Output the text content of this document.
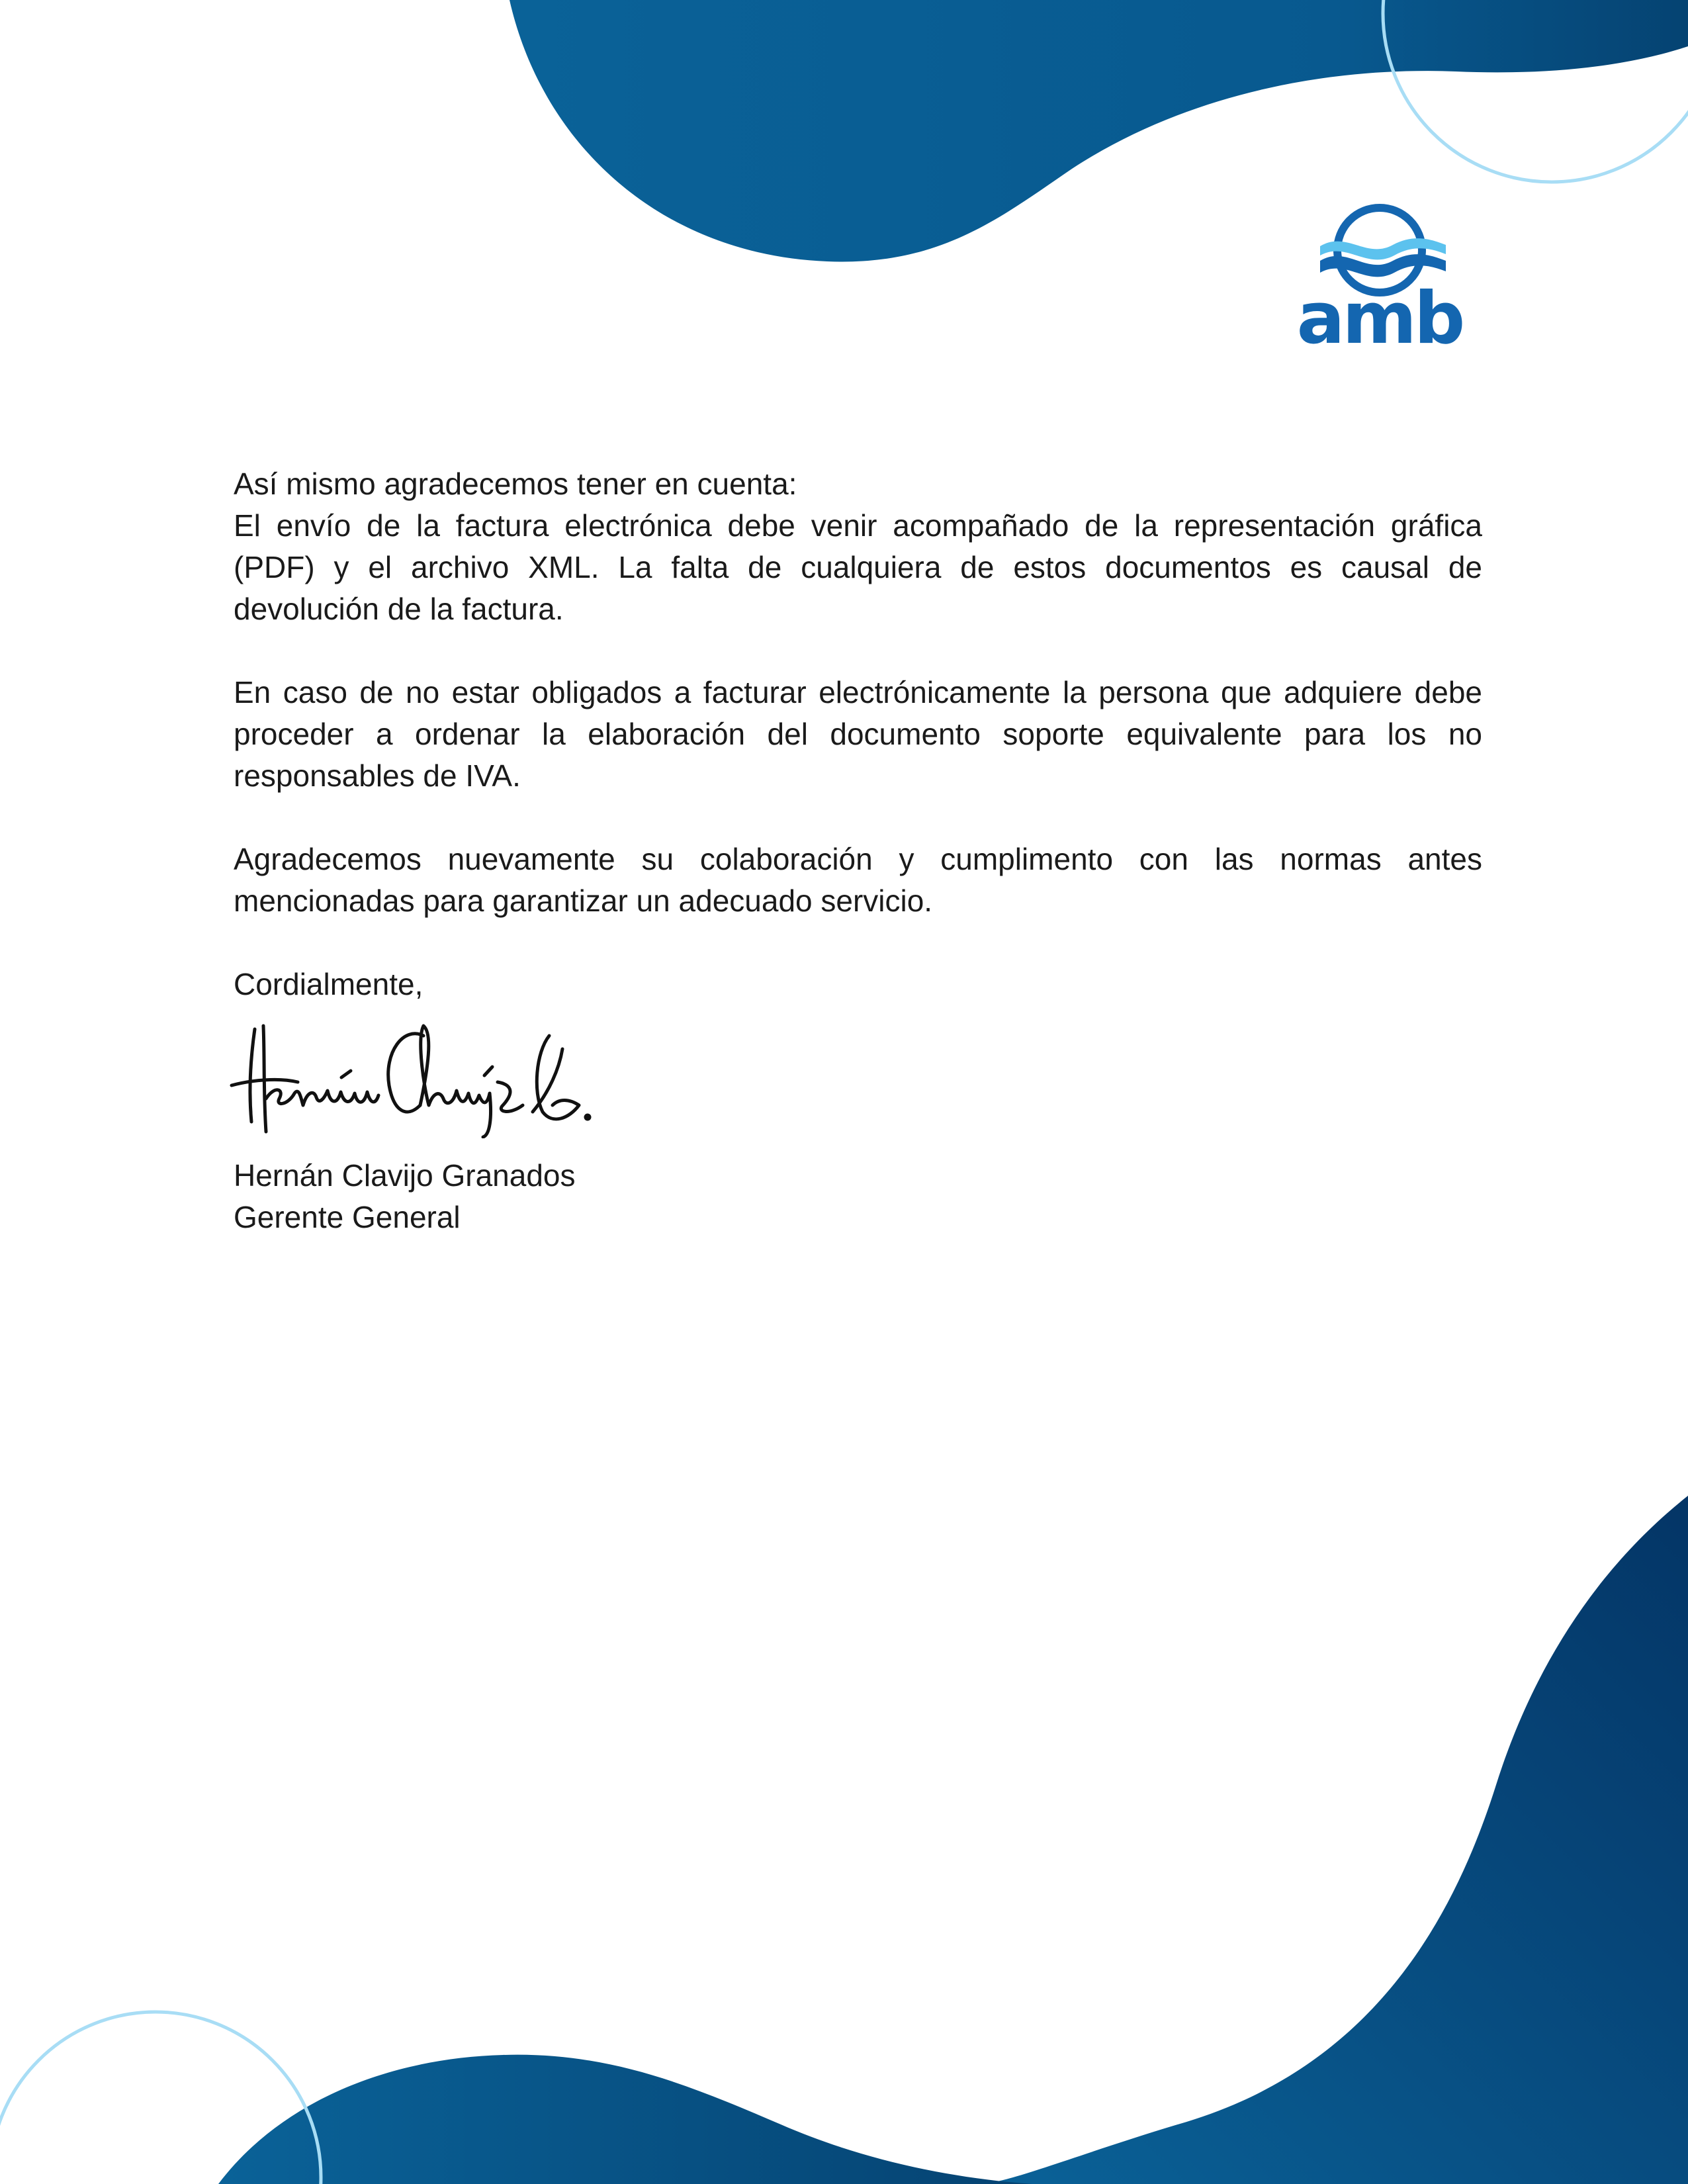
amb

Así mismo agradecemos tener en cuenta:

El envío de la factura electrónica debe venir acompañado de la representación gráfica (PDF) y el archivo XML. La falta de cualquiera de estos documentos es causal de devolución de la factura.

En caso de no estar obligados a facturar electrónicamente la persona que adquiere debe proceder a ordenar la elaboración del documento soporte equivalente para los no responsables de IVA.

Agradecemos nuevamente su colaboración y cumplimento con las normas antes mencionadas para garantizar un adecuado servicio.

Cordialmente,

Hernán Clavijo Granados

Gerente General
